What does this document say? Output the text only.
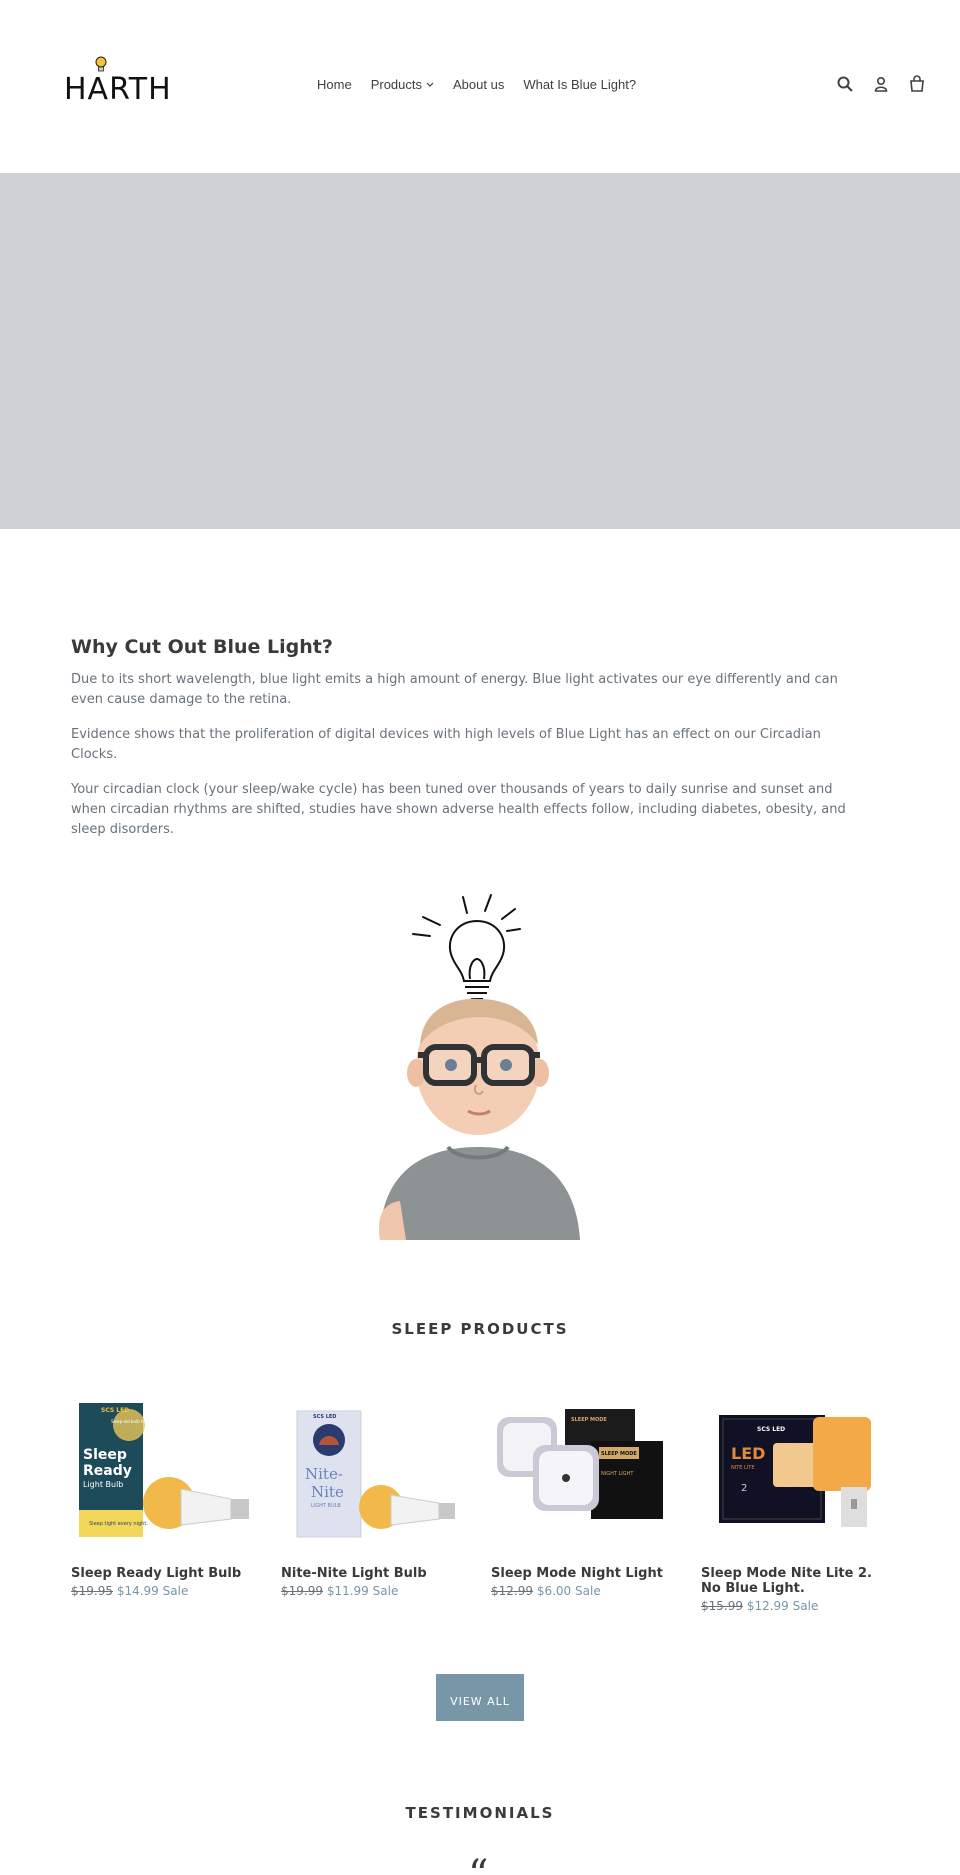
HARTH	Home Products About us What Is Blue Light?
Why Cut Out Blue Light?

Due to its short wavelength, blue light emits a high amount of energy. Blue light activates our eye differently and can even cause damage to the retina.

Evidence shows that the proliferation of digital devices with high levels of Blue Light has an effect on our Circadian Clocks.

Your circadian clock (your sleep/wake cycle) has been tuned over thousands of years to daily sunrise and sunset and when circadian rhythms are shifted, studies have shown adverse health effects follow, including diabetes, obesity, and sleep disorders.

SLEEP PRODUCTS
SCS LED
Sleep-aid bulb helps you create melatonin naturally!
Sleep
Ready
Light Bulb
Sleep tight every night.
Sleep Ready Light Bulb
$19.95 $14.99 Sale
SCS LED
Nite-
Nite
LIGHT BULB
Nite-Nite Light Bulb
$19.99 $11.99 Sale
SLEEP MODE
SLEEP MODE
NIGHT LIGHT
Sleep Mode Night Light
$12.99 $6.00 Sale
SCS LED
LED
NITE LITE
2
Sleep Mode Nite Lite 2. No Blue Light.
$15.99 $12.99 Sale
VIEW ALL
TESTIMONIALS
“
